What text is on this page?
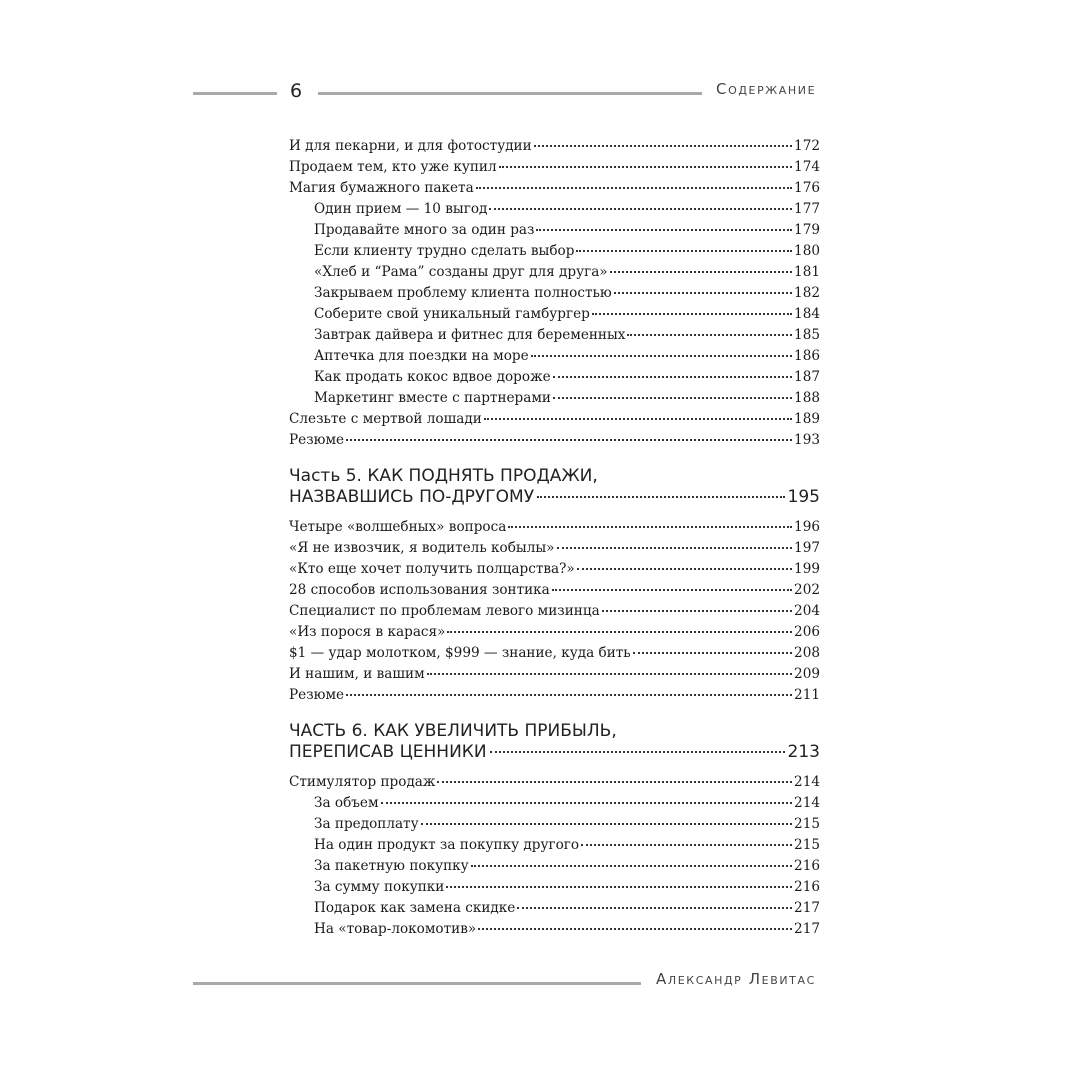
6	Содержание
И для пекарни, и для фотостудии	172
Продаем тем, кто уже купил	174
Магия бумажного пакета	176
Один прием — 10 выгод	177
Продавайте много за один раз	179
Если клиенту трудно сделать выбор	180
«Хлеб и “Рама” созданы друг для друга»	181
Закрываем проблему клиента полностью	182
Соберите свой уникальный гамбургер	184
Завтрак дайвера и фитнес для беременных	185
Аптечка для поездки на море	186
Как продать кокос вдвое дороже	187
Маркетинг вместе с партнерами	188
Слезьте с мертвой лошади	189
Резюме	193
Часть 5. КАК ПОДНЯТЬ ПРОДАЖИ,
НАЗВАВШИСЬ ПО-ДРУГОМУ	195
Четыре «волшебных» вопроса	196
«Я не извозчик, я водитель кобылы»	197
«Кто еще хочет получить полцарства?»	199
28 способов использования зонтика	202
Специалист по проблемам левого мизинца	204
«Из порося в карася»	206
$1 — удар молотком, $999 — знание, куда бить	208
И нашим, и вашим	209
Резюме	211
ЧАСТЬ 6. КАК УВЕЛИЧИТЬ ПРИБЫЛЬ,
ПЕРЕПИСАВ ЦЕННИКИ	213
Стимулятор продаж	214
За объем	214
За предоплату	215
На один продукт за покупку другого	215
За пакетную покупку	216
За сумму покупки	216
Подарок как замена скидке	217
На «товар-локомотив»	217
Александр Левитас
